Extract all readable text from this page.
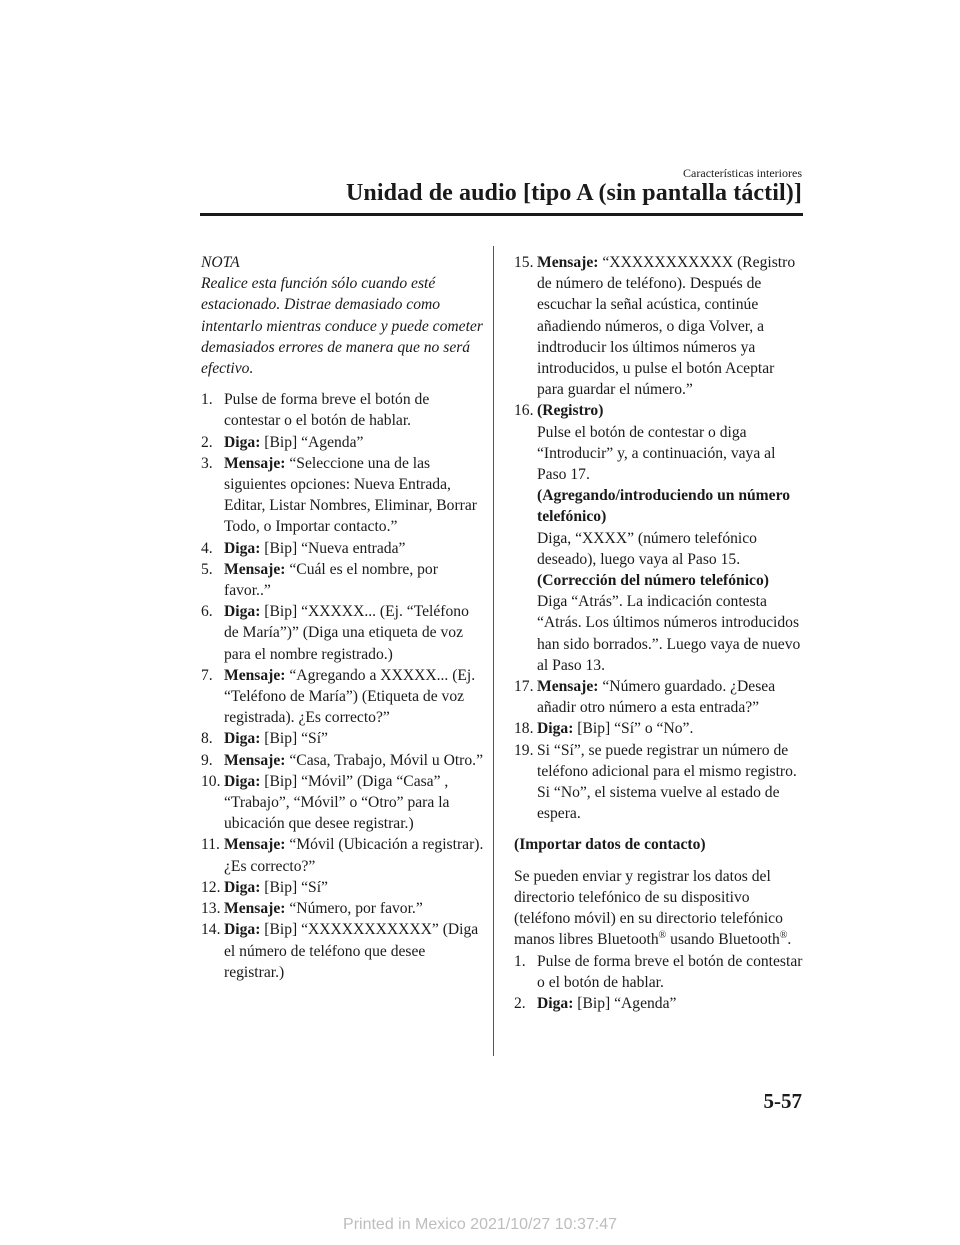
Características interiores
Unidad de audio [tipo A (sin pantalla táctil)]
NOTA
Realice esta función sólo cuando esté estacionado. Distrae demasiado como intentarlo mientras conduce y puede cometer demasiados errores de manera que no será efectivo.
1. Pulse de forma breve el botón de contestar o el botón de hablar.
2. Diga: [Bip] “Agenda”
3. Mensaje: “Seleccione una de las siguientes opciones: Nueva Entrada, Editar, Listar Nombres, Eliminar, Borrar Todo, o Importar contacto.”
4. Diga: [Bip] “Nueva entrada”
5. Mensaje: “Cuál es el nombre, por favor..”
6. Diga: [Bip] “XXXXX... (Ej. “Teléfono de María”)” (Diga una etiqueta de voz para el nombre registrado.)
7. Mensaje: “Agregando a XXXXX... (Ej. “Teléfono de María”) (Etiqueta de voz registrada). ¿Es correcto?”
8. Diga: [Bip] “Sí”
9. Mensaje: “Casa, Trabajo, Móvil u Otro.”
10. Diga: [Bip] “Móvil” (Diga “Casa” , “Trabajo”, “Móvil” o “Otro” para la ubicación que desee registrar.)
11. Mensaje: “Móvil (Ubicación a registrar). ¿Es correcto?”
12. Diga: [Bip] “Sí”
13. Mensaje: “Número, por favor.”
14. Diga: [Bip] “XXXXXXXXXXX” (Diga el número de teléfono que desee registrar.)
15. Mensaje: “XXXXXXXXXXX (Registro de número de teléfono). Después de escuchar la señal acústica, continúe añadiendo números, o diga Volver, a indtroducir los últimos números ya introducidos, u pulse el botón Aceptar para guardar el número.”
16. (Registro)
Pulse el botón de contestar o diga “Introducir” y, a continuación, vaya al Paso 17.
(Agregando/introduciendo un número telefónico)
Diga, “XXXX” (número telefónico deseado), luego vaya al Paso 15.
(Corrección del número telefónico)
Diga “Atrás”. La indicación contesta “Atrás. Los últimos números introducidos han sido borrados.”. Luego vaya de nuevo al Paso 13.
17. Mensaje: “Número guardado. ¿Desea añadir otro número a esta entrada?”
18. Diga: [Bip] “Sí” o “No”.
19. Si “Sí”, se puede registrar un número de teléfono adicional para el mismo registro.
Si “No”, el sistema vuelve al estado de espera.
(Importar datos de contacto)
Se pueden enviar y registrar los datos del directorio telefónico de su dispositivo (teléfono móvil) en su directorio telefónico manos libres Bluetooth® usando Bluetooth®.
1. Pulse de forma breve el botón de contestar o el botón de hablar.
2. Diga: [Bip] “Agenda”
5-57
Printed in Mexico 2021/10/27 10:37:47
